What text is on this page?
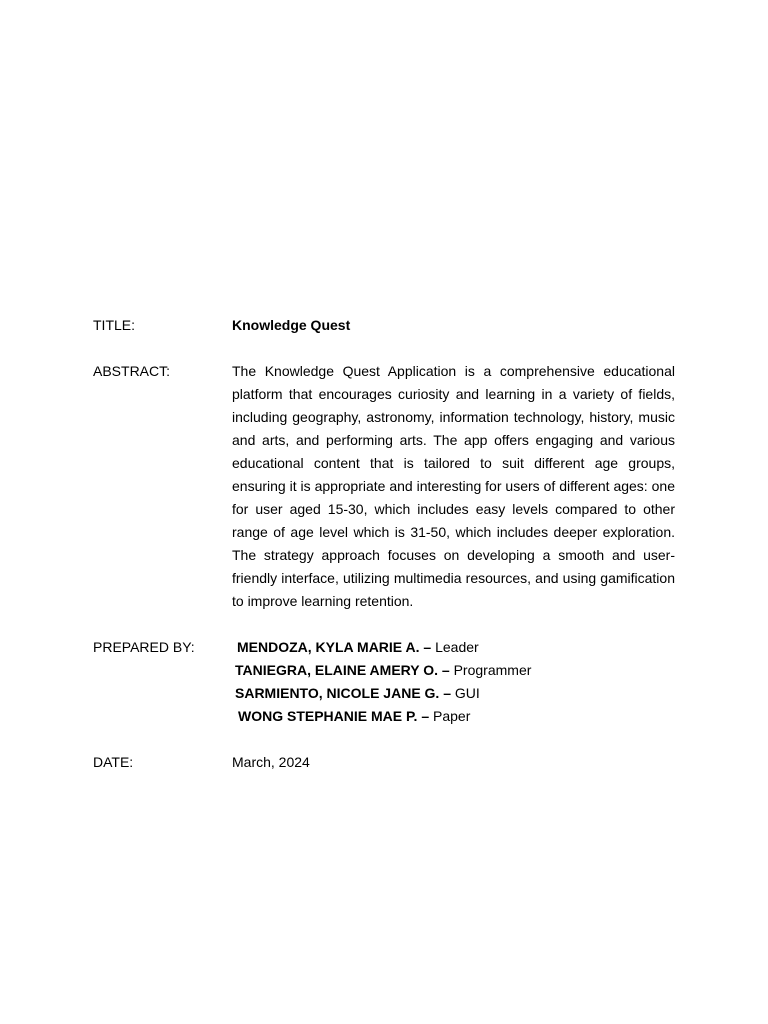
TITLE:	Knowledge Quest
ABSTRACT:	The Knowledge Quest Application is a comprehensive educational platform that encourages curiosity and learning in a variety of fields, including geography, astronomy, information technology, history, music and arts, and performing arts. The app offers engaging and various educational content that is tailored to suit different age groups, ensuring it is appropriate and interesting for users of different ages: one for user aged 15-30, which includes easy levels compared to other range of age level which is 31-50, which includes deeper exploration. The strategy approach focuses on developing a smooth and user-friendly interface, utilizing multimedia resources, and using gamification to improve learning retention.
PREPARED BY:	MENDOZA, KYLA MARIE A. – Leader
TANIEGRA, ELAINE AMERY O. – Programmer
SARMIENTO, NICOLE JANE G. – GUI
WONG STEPHANIE MAE P. – Paper
DATE:	March, 2024
